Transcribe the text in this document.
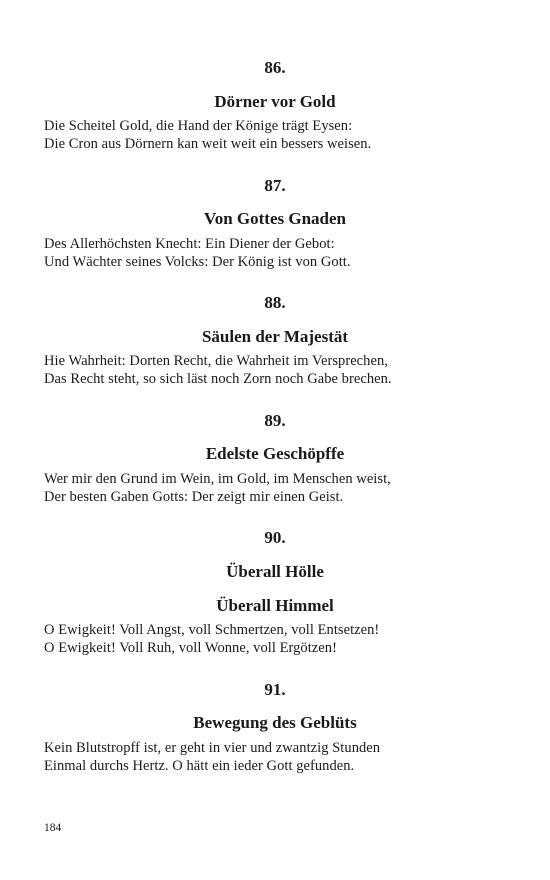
86.
Dörner vor Gold
Die Scheitel Gold, die Hand der Könige trägt Eysen:
Die Cron aus Dörnern kan weit weit ein bessers weisen.
87.
Von Gottes Gnaden
Des Allerhöchsten Knecht: Ein Diener der Gebot:
Und Wächter seines Volcks: Der König ist von Gott.
88.
Säulen der Majestät
Hie Wahrheit: Dorten Recht, die Wahrheit im Versprechen,
Das Recht steht, so sich läst noch Zorn noch Gabe brechen.
89.
Edelste Geschöpffe
Wer mir den Grund im Wein, im Gold, im Menschen weist,
Der besten Gaben Gotts: Der zeigt mir einen Geist.
90.
Überall Hölle
Überall Himmel
O Ewigkeit! Voll Angst, voll Schmertzen, voll Entsetzen!
O Ewigkeit! Voll Ruh, voll Wonne, voll Ergötzen!
91.
Bewegung des Geblüts
Kein Blutstropff ist, er geht in vier und zwantzig Stunden
Einmal durchs Hertz. O hätt ein ieder Gott gefunden.
184
